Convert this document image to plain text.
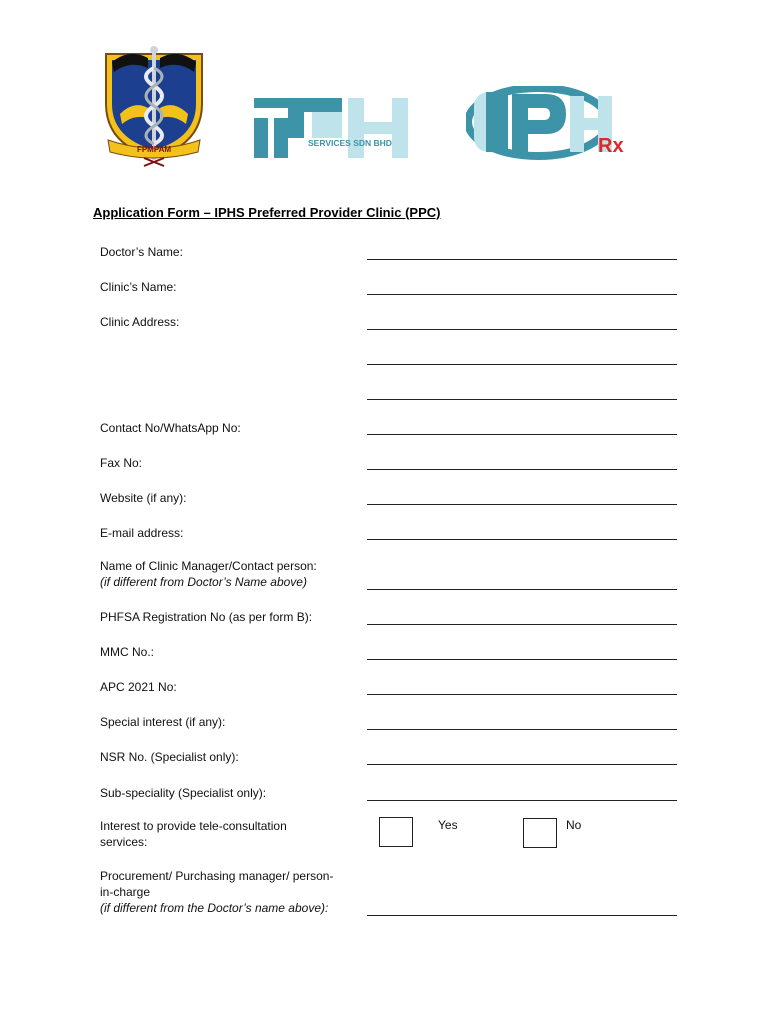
FPMPAM
SERVICES SDN BHD	Rx
Application Form – IPHS Preferred Provider Clinic (PPC)
Doctor’s Name:
Clinic’s Name:
Clinic Address:
Contact No/WhatsApp No:
Fax No:
Website (if any):
E-mail address:
Name of Clinic Manager/Contact person:
(if different from Doctor’s Name above)
PHFSA Registration No (as per form B):
MMC No.:
APC 2021 No:
Special interest (if any):
NSR No. (Specialist only):
Sub-speciality (Specialist only):
Interest to provide tele-consultation
services:
Yes	No
Procurement/ Purchasing manager/ person-
in-charge
(if different from the Doctor’s name above):
